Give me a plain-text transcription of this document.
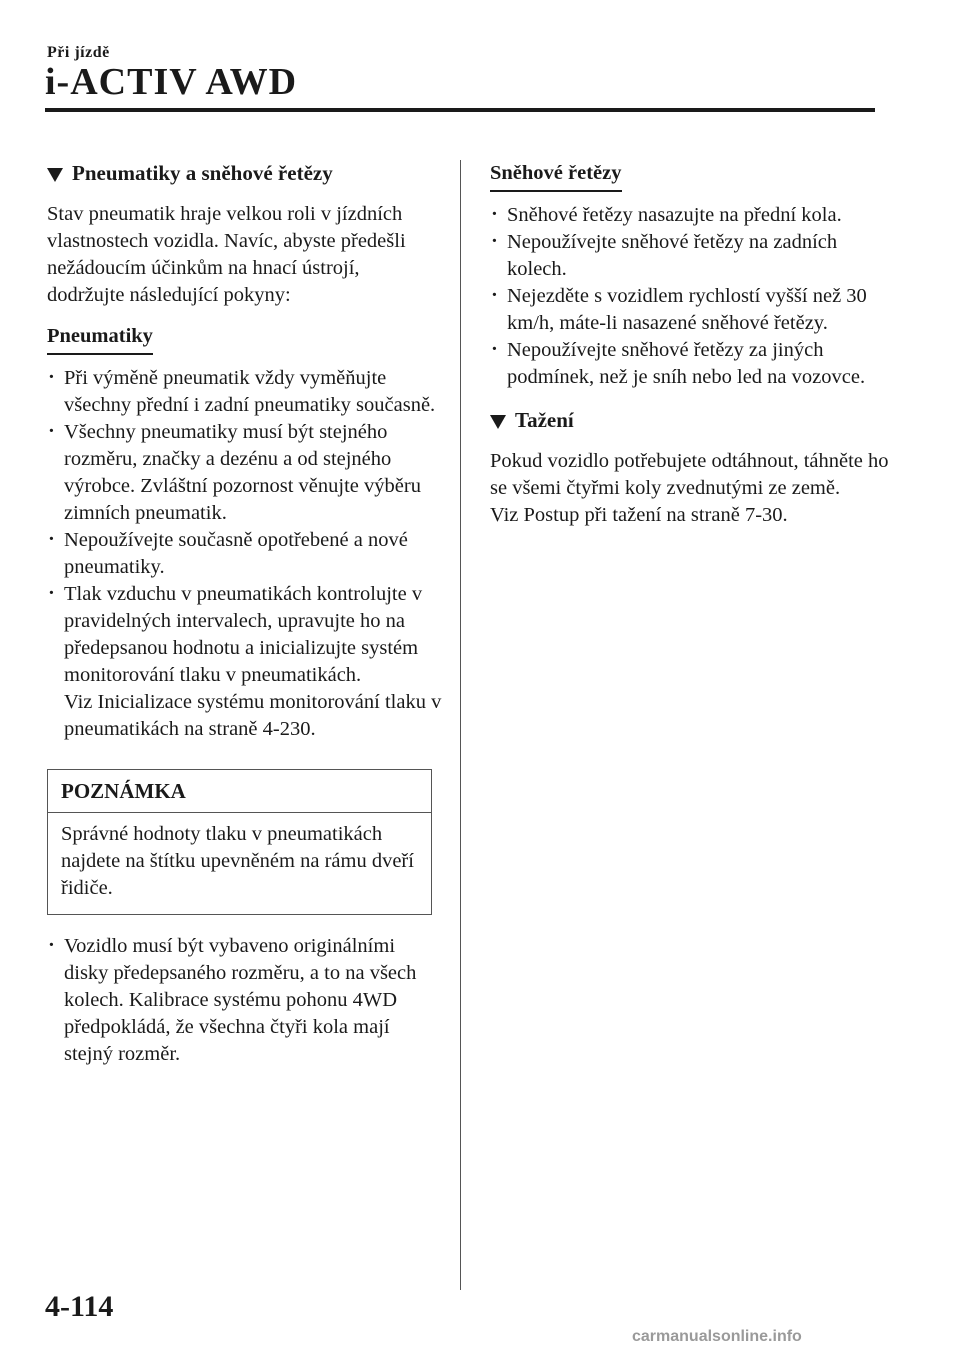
Při jízdě
i-ACTIV AWD
Pneumatiky a sněhové řetězy

Stav pneumatik hraje velkou roli v jízdních vlastnostech vozidla. Navíc, abyste předešli nežádoucím účinkům na hnací ústrojí, dodržujte následující pokyny:

Pneumatiky
· Při výměně pneumatik vždy vyměňujte všechny přední i zadní pneumatiky současně.
· Všechny pneumatiky musí být stejného rozměru, značky a dezénu a od stejného výrobce. Zvláštní pozornost věnujte výběru zimních pneumatik.
· Nepoužívejte současně opotřebené a nové pneumatiky.
· Tlak vzduchu v pneumatikách kontrolujte v pravidelných intervalech, upravujte ho na předepsanou hodnotu a inicializujte systém monitorování tlaku v pneumatikách.
Viz Inicializace systému monitorování tlaku v pneumatikách na straně 4-230.
POZNÁMKA
Správné hodnoty tlaku v pneumatikách najdete na štítku upevněném na rámu dveří řidiče.
· Vozidlo musí být vybaveno originálními disky předepsaného rozměru, a to na všech kolech. Kalibrace systému pohonu 4WD předpokládá, že všechna čtyři kola mají stejný rozměr.
Sněhové řetězy
· Sněhové řetězy nasazujte na přední kola.
· Nepoužívejte sněhové řetězy na zadních kolech.
· Nejezděte s vozidlem rychlostí vyšší než 30 km/h, máte-li nasazené sněhové řetězy.
· Nepoužívejte sněhové řetězy za jiných podmínek, než je sníh nebo led na vozovce.
Tažení

Pokud vozidlo potřebujete odtáhnout, táhněte ho se všemi čtyřmi koly zvednutými ze země.

Viz Postup při tažení na straně 7-30.

4-114
carmanualsonline.info
